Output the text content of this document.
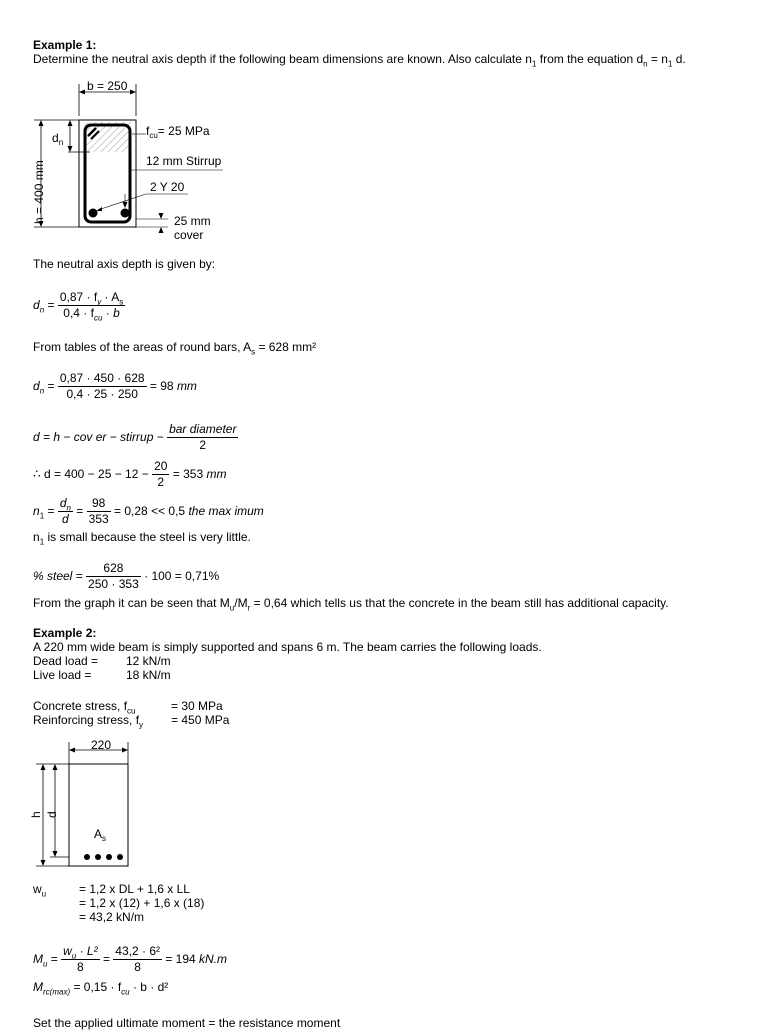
Example 1:
Determine the neutral axis depth if the following beam dimensions are known. Also calculate $n_1$ from the equation $d_n = n_1$ d.
b = 250
h = 400 mm
$d_n$
$f_{cu}= 25$ MPa
12 mm Stirrup
2 Y 20
25 mm
cover
The neutral axis depth is given by:
$d_n = \frac{0,87 \cdot f_y \cdot A_s}{0,4 \cdot f_{cu} \cdot b}$
From tables of the areas of round bars, $A_s = 628$ mm²
$d_n = \frac{0,87 \cdot 450 \cdot 628}{0,4 \cdot 25 \cdot 250} = 98$ mm
d = h − cov er − stirrup − $\frac{\text{bar diameter}}{2}$
∴ $d = 400 - 25 - 12 - \frac{20}{2} = 353$ mm
$n_1 = \frac{d_n}{d} = \frac{98}{353} = 0,28 << 0,5$ the max imum
$n_1$ is small because the steel is very little.
% steel = $\frac{628}{250 \cdot 353} \cdot 100 = 0,71\%$
From the graph it can be seen that $M_u/M_r = 0,64$ which tells us that the concrete in the beam still has additional capacity.
Example 2:
A 220 mm wide beam is simply supported and spans 6 m. The beam carries the following loads.
Dead load = 12 kN/m
Live load =	18 kN/m
Concrete stress, $f_{cu}$	= 30 MPa
Reinforcing stress, $f_y = 450$ MPa
220
h d
$A_s$
$w_u$	= 1,2 x DL + 1,6 x LL
= 1,2 x (12) + 1,6 x (18)
= 43,2 kN/m
$M_u = \frac{w_u \cdot L^2}{8} = \frac{\text{43,2 · 6²}}{8} = 194$ kN.m
$M_{rc(max)} = 0,15 \cdot f_{cu} \cdot b \cdot d^2$
Set the applied ultimate moment = the resistance moment
